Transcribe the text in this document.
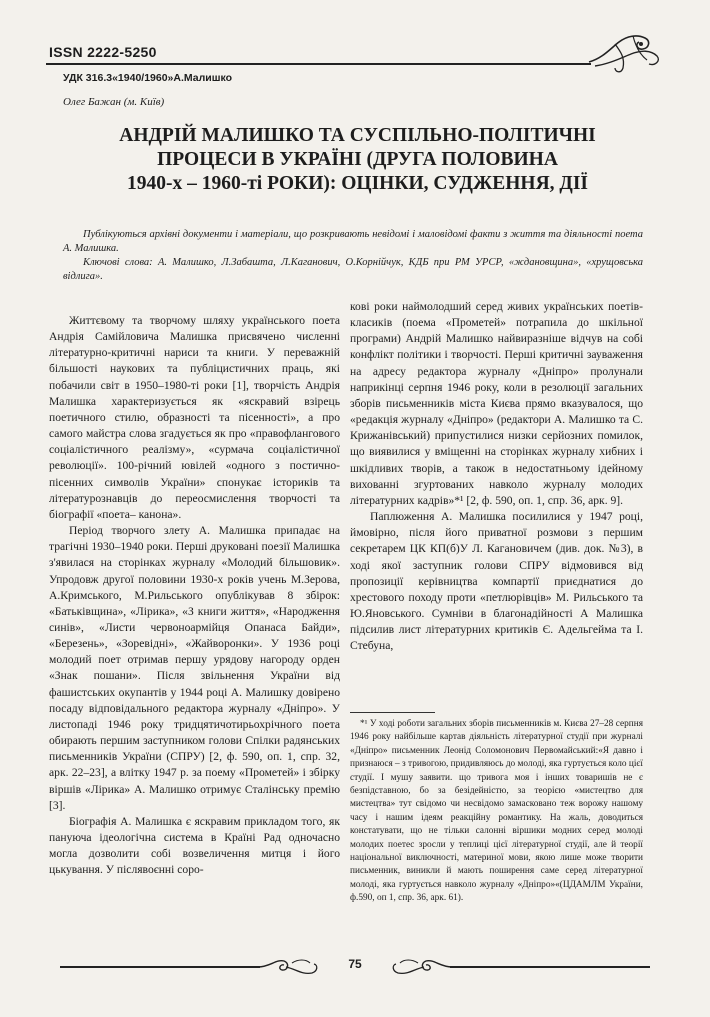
ISSN 2222-5250
УДК 316.3«1940/1960»А.Малишко
Олег Бажан (м. Київ)
АНДРІЙ МАЛИШКО ТА СУСПІЛЬНО-ПОЛІТИЧНІ
ПРОЦЕСИ В УКРАЇНІ (ДРУГА ПОЛОВИНА
1940-х – 1960-ті РОКИ): ОЦІНКИ, СУДЖЕННЯ, ДІЇ

Публікуються архівні документи і матеріали, що розкривають невідомі і маловідомі факти з життя та діяльності поета А. Малишка.

Ключові слова: А. Малишко, Л.Забашта, Л.Каганович, О.Корнійчук, КДБ при РМ УРСР, «ждановщина», «хрущовська відлига».

Життєвому та творчому шляху українського поета Андрія Самійловича Малишка присвячено численні літературно-критичні нариси та книги. У переважній більшості наукових та публіцистичних праць, які побачили світ в 1950–1980-ті роки [1], творчість Андрія Малишка характеризується як «яскравий взірець поетичного стилю, образності та пісенності», а про самого майстра слова згадується як про «правофлангового соціалістичного реалізму», «сурмача соціалістичної революції». 100-річний ювілей «одного з постично-пісенних символів України» спонукає істориків та літературознавців до переосмислення творчості та біографії «поета– канона».

Період творчого злету А. Малишка припадає на трагічні 1930–1940 роки. Перші друковані поезії Малишка з'явилася на сторінках журналу «Молодий більшовик». Упродовж другої половини 1930-х років учень М.Зерова, А.Кримського, М.Рильського опублікував 8 збірок: «Батьківщина», «Лірика», «З книги життя», «Народження синів», «Листи червоноармійця Опанаса Байди», «Березень», «Зоревідні», «Жайворонки». У 1936 році молодий поет отримав першу урядову нагороду орден «Знак пошани». Після звільнення України від фашистських окупантів у 1944 році А. Малишку довірено посаду відповідального редактора журналу «Дніпро». У листопаді 1946 року тридцятичотирьохрічного поета обирають першим заступником голови Спілки радянських письменників України (СПРУ) [2, ф. 590, оп. 1, спр. 32, арк. 22–23], а влітку 1947 р. за поему «Прометей» і збірку віршів «Лірика» А. Малишко отримує Сталінську премію [3].

Біографія А. Малишка є яскравим прикладом того, як пануюча ідеологічна система в Країні Рад одночасно могла дозволити собі возвеличення митця і його цькування. У післявоєнні соро-

кові роки наймолодший серед живих українських поетів-класиків (поема «Прометей» потрапила до шкільної програми) Андрій Малишко найвиразніше відчув на собі конфлікт політики і творчості. Перші критичні зауваження на адресу редактора журналу «Дніпро» пролунали наприкінці серпня 1946 року, коли в резолюції загальних зборів письменників міста Києва прямо вказувалося, що «редакція журналу «Дніпро» (редактори А. Малишко та С. Крижанівський) припустилися низки серйозних помилок, що виявилися у вміщенні на сторінках журналу хибних і шкідливих творів, а також в недостатньому ідейному вихованні згуртованих навколо журналу молодих літературних кадрів»*¹ [2, ф. 590, оп. 1, спр. 36, арк. 9].

Паплюження А. Малишка посилилися у 1947 році, ймовірно, після його приватної розмови з першим секретарем ЦК КП(б)У Л. Кагановичем (див. док. №3), в ході якої заступник голови СПРУ відмовився від пропозиції керівництва компартії приєднатися до хрестового походу проти «петлюрівців» М. Рильського та Ю.Яновського. Сумніви в благонадійності А Малишка підсилив лист літературних критиків Є. Адельгейма та І. Стебуна,

*¹ У ході роботи загальних зборів письменників м. Києва 27–28 серпня 1946 року найбільше картав діяльність літературної студії при журналі «Дніпро» письменник Леонід Соломонович Первомайський:«Я давно і признаюся – з тривогою, придивляюсь до молоді, яка гуртується коло цієї студії. І мушу заявити. що тривога моя і інших товаришів не є безпідставною, бо за безідейністю, за теорією «мистецтво для мистецтва» тут свідомо чи несвідомо замасковано теж ворожу нашому часу і нашим ідеям реакційну романтику. На жаль, доводиться констатувати, що не тільки салонні віршики модних серед молоді молодих поетес зросли у теплиці цієї літературної студії, але й теорії національної виключності, материної мови, якою лише може творити письменник, виникли й мають поширення саме серед літературної молоді, яка гуртується навколо журналу «Дніпро»«(ЦДАМЛМ України, ф.590, оп 1, спр. 36, арк. 61).

75
